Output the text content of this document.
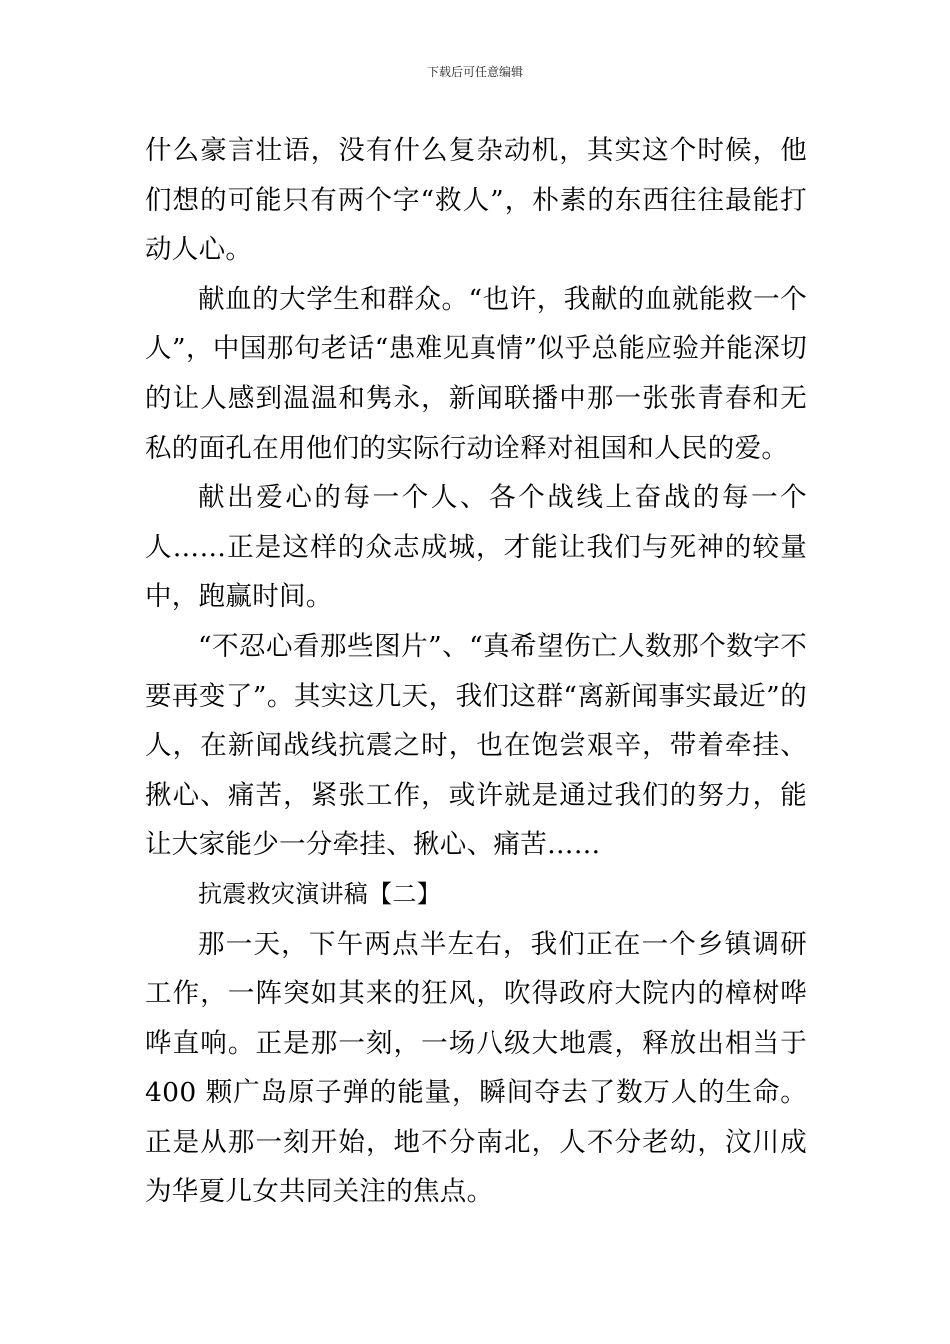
下载后可任意编辑

什么豪言壮语，没有什么复杂动机，其实这个时候，他们想的可能只有两个字“救人”，朴素的东西往往最能打动人心。

献血的大学生和群众。“也许，我献的血就能救一个人”，中国那句老话“患难见真情”似乎总能应验并能深切的让人感到温温和隽永，新闻联播中那一张张青春和无私的面孔在用他们的实际行动诠释对祖国和人民的爱。

献出爱心的每一个人、各个战线上奋战的每一个人……正是这样的众志成城，才能让我们与死神的较量中，跑赢时间。

“不忍心看那些图片”、“真希望伤亡人数那个数字不要再变了”。其实这几天，我们这群“离新闻事实最近”的人，在新闻战线抗震之时，也在饱尝艰辛，带着牵挂、揪心、痛苦，紧张工作，或许就是通过我们的努力，能让大家能少一分牵挂、揪心、痛苦……

抗震救灾演讲稿【二】

那一天，下午两点半左右，我们正在一个乡镇调研工作，一阵突如其来的狂风，吹得政府大院内的樟树哗哗直响。正是那一刻，一场八级大地震，释放出相当于 400 颗广岛原子弹的能量，瞬间夺去了数万人的生命。正是从那一刻开始，地不分南北，人不分老幼，汶川成为华夏儿女共同关注的焦点。
